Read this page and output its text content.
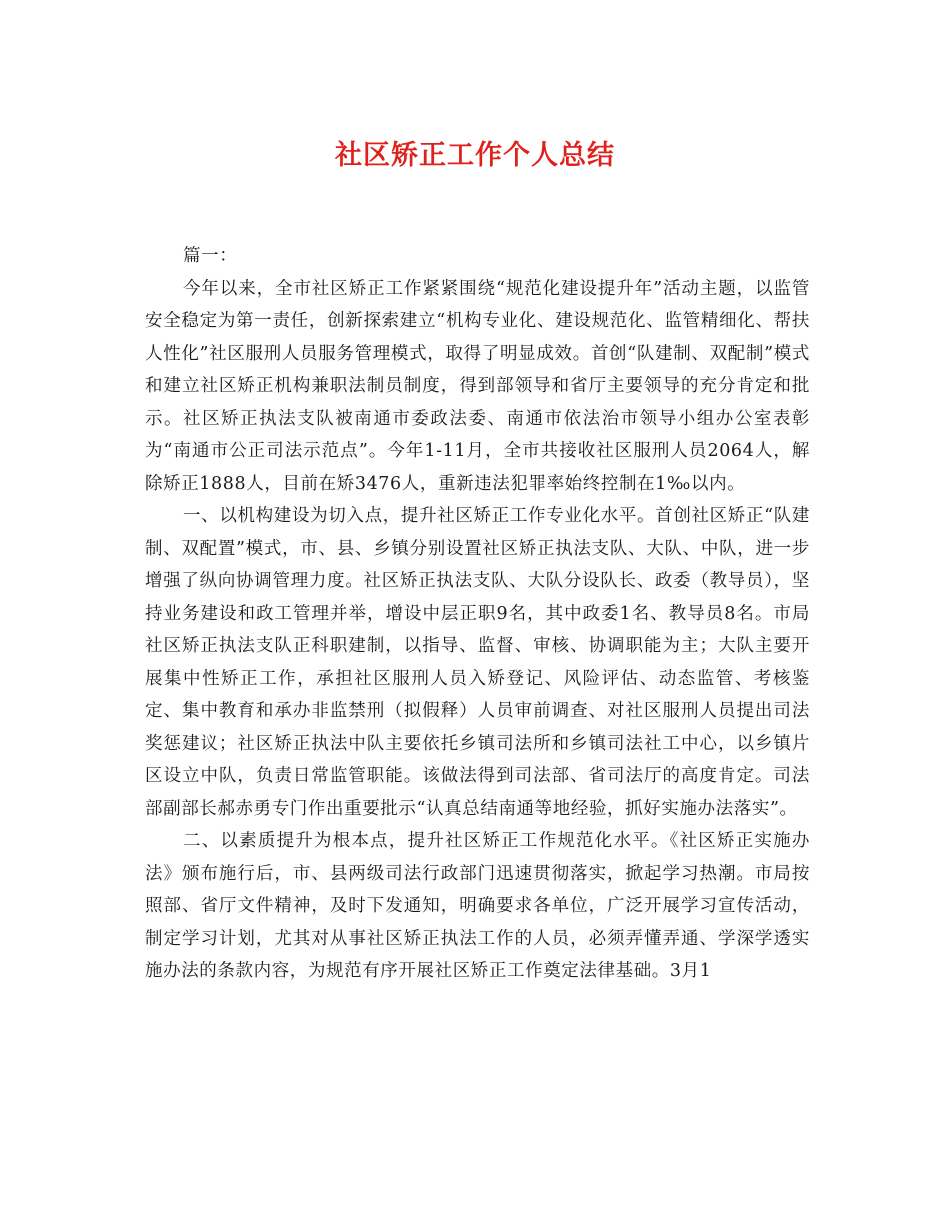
社区矫正工作个人总结

篇一：

今年以来，全市社区矫正工作紧紧围绕“规范化建设提升年”活动主题，以监管安全稳定为第一责任，创新探索建立“机构专业化、建设规范化、监管精细化、帮扶人性化”社区服刑人员服务管理模式，取得了明显成效。首创“队建制、双配制”模式和建立社区矫正机构兼职法制员制度，得到部领导和省厅主要领导的充分肯定和批示。社区矫正执法支队被南通市委政法委、南通市依法治市领导小组办公室表彰为“南通市公正司法示范点”。今年1-11月，全市共接收社区服刑人员2064人，解除矫正1888人，目前在矫3476人，重新违法犯罪率始终控制在1‰以内。

一、以机构建设为切入点，提升社区矫正工作专业化水平。首创社区矫正“队建制、双配置”模式，市、县、乡镇分别设置社区矫正执法支队、大队、中队，进一步增强了纵向协调管理力度。社区矫正执法支队、大队分设队长、政委（教导员），坚持业务建设和政工管理并举，增设中层正职9名，其中政委1名、教导员8名。市局社区矫正执法支队正科职建制，以指导、监督、审核、协调职能为主；大队主要开展集中性矫正工作，承担社区服刑人员入矫登记、风险评估、动态监管、考核鉴定、集中教育和承办非监禁刑（拟假释）人员审前调查、对社区服刑人员提出司法奖惩建议；社区矫正执法中队主要依托乡镇司法所和乡镇司法社工中心，以乡镇片区设立中队，负责日常监管职能。该做法得到司法部、省司法厅的高度肯定。司法部副部长郝赤勇专门作出重要批示“认真总结南通等地经验，抓好实施办法落实”。

二、以素质提升为根本点，提升社区矫正工作规范化水平。《社区矫正实施办法》颁布施行后，市、县两级司法行政部门迅速贯彻落实，掀起学习热潮。市局按照部、省厅文件精神，及时下发通知，明确要求各单位，广泛开展学习宣传活动，制定学习计划，尤其对从事社区矫正执法工作的人员，必须弄懂弄通、学深学透实施办法的条款内容，为规范有序开展社区矫正工作奠定法律基础。3月1
